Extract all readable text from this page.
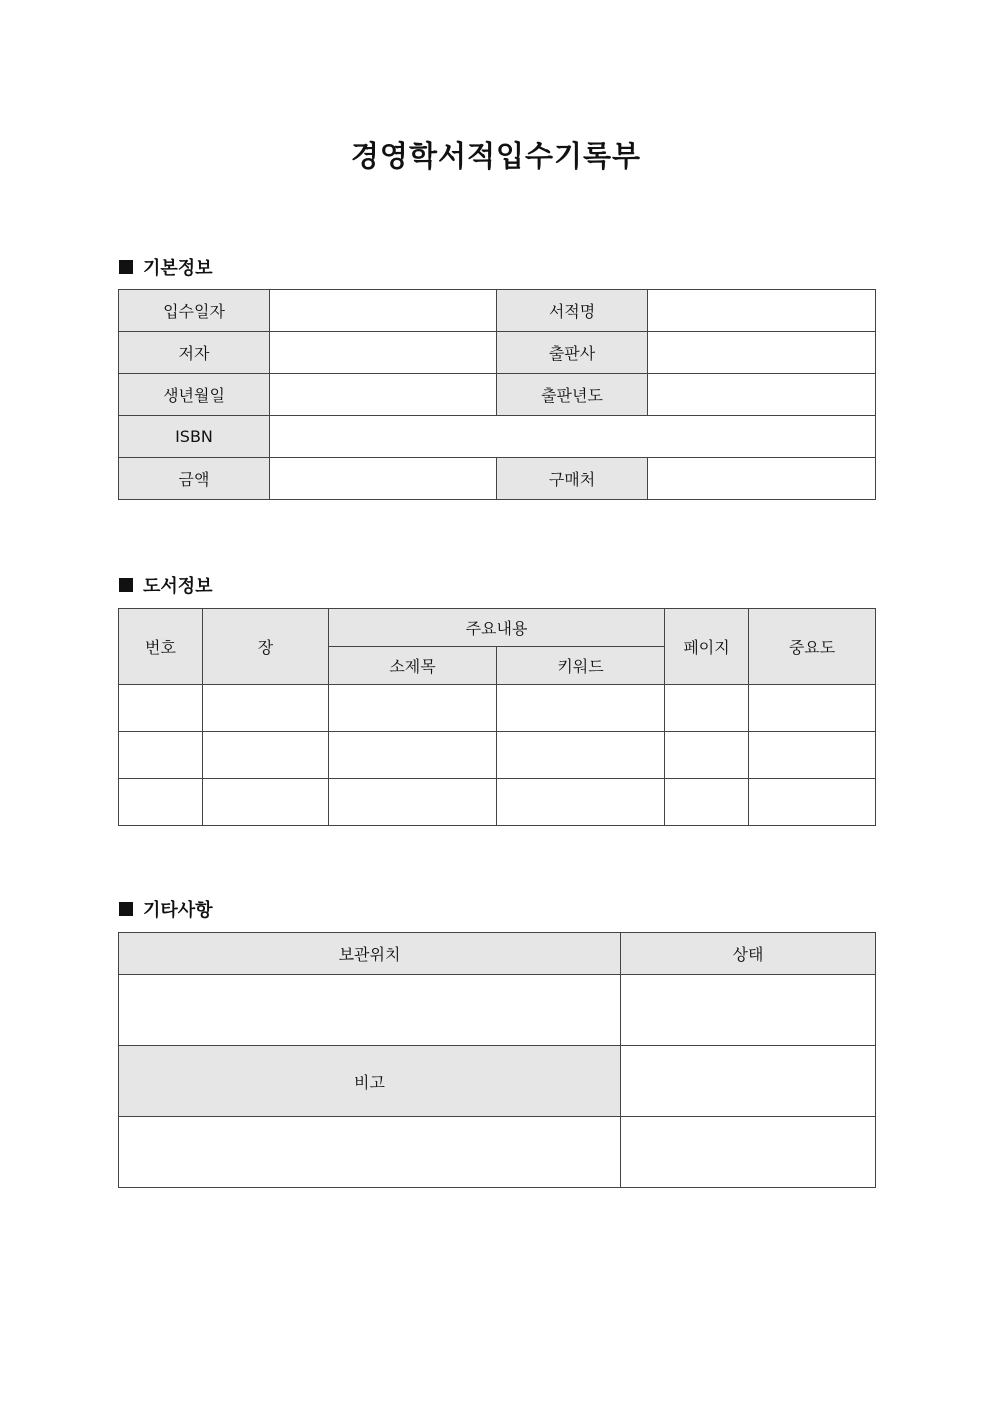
경영학서적입수기록부
기본정보
입수일자		서적명	
저자		출판사	
생년월일		출판년도	
ISBN			
금액		구매처	
도서정보
번호	장	주요내용		페이지	중요도
		소제목	키워드		

기타사항
보관위치	상태

비고	
